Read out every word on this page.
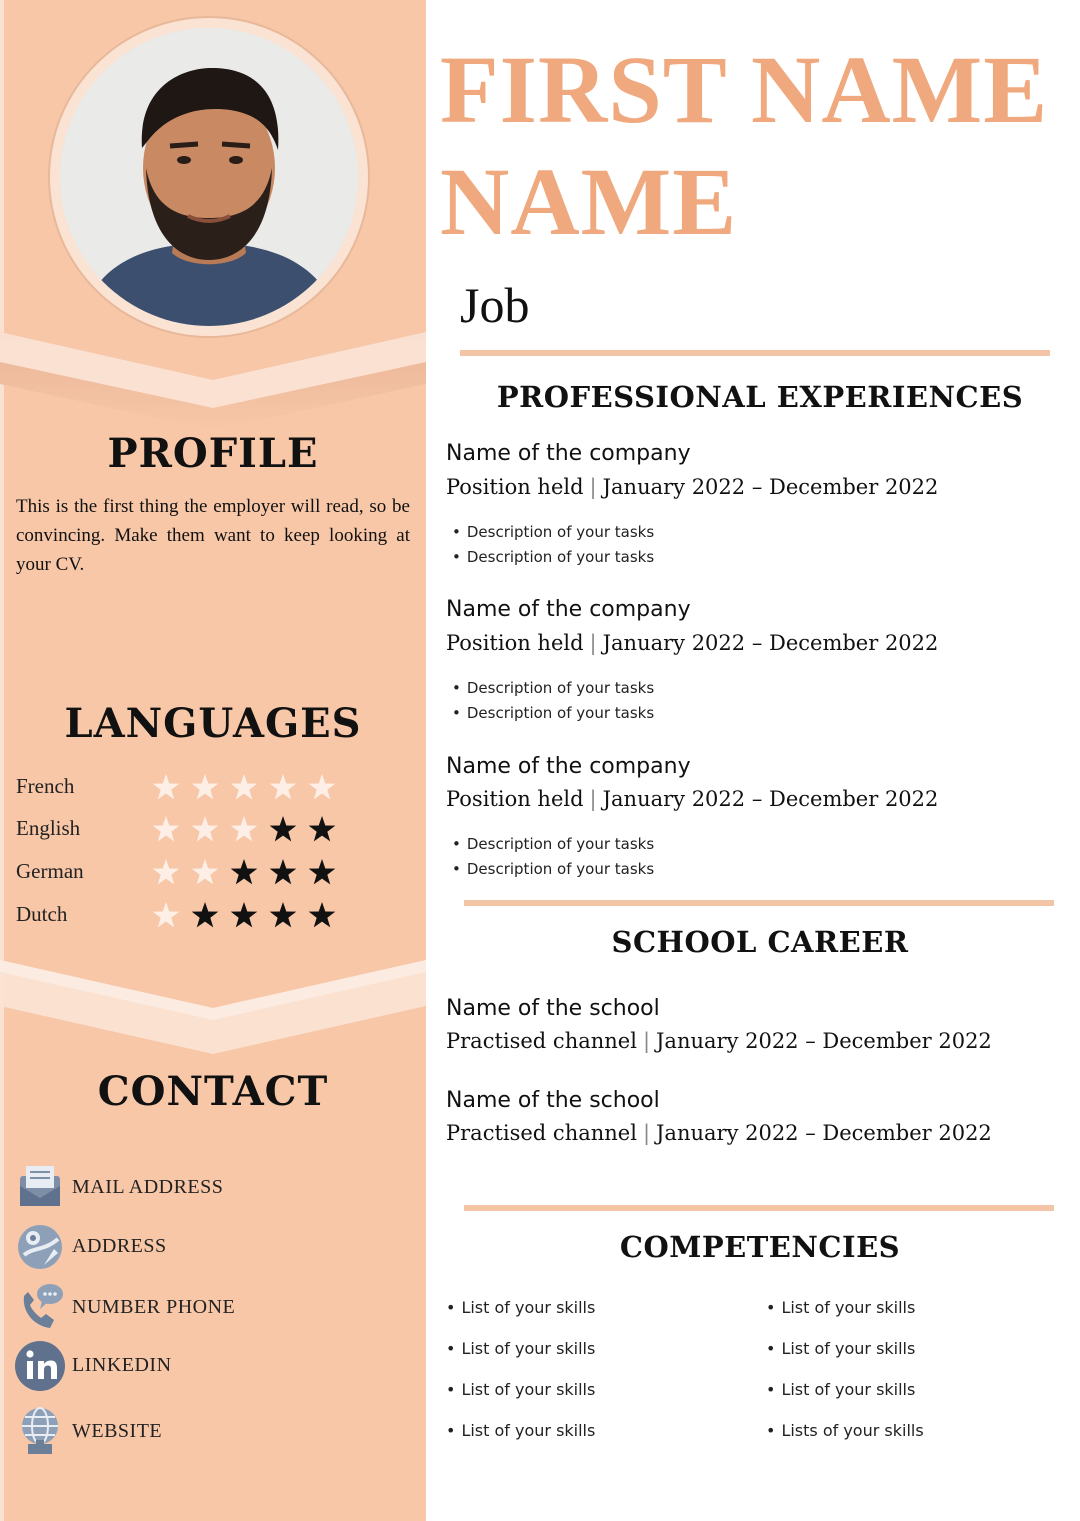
PROFILE

This is the first thing the employer will read, so be convincing. Make them want to keep looking at your CV.

LANGUAGES
French
English
German
Dutch
CONTACT
MAIL ADDRESS
ADDRESS
NUMBER PHONE
LINKEDIN
WEBSITE
FIRST NAME
NAME

Job

PROFESSIONAL EXPERIENCES
Name of the company
Position held | January 2022 – December 2022
• Description of your tasks
• Description of your tasks
Name of the company
Position held | January 2022 – December 2022
• Description of your tasks
• Description of your tasks
Name of the company
Position held | January 2022 – December 2022
• Description of your tasks
• Description of your tasks
SCHOOL CAREER
Name of the school
Practised channel | January 2022 – December 2022
Name of the school
Practised channel | January 2022 – December 2022
COMPETENCIES
• List of your skills
• List of your skills
• List of your skills
• List of your skills
• List of your skills
• List of your skills
• List of your skills
• Lists of your skills
